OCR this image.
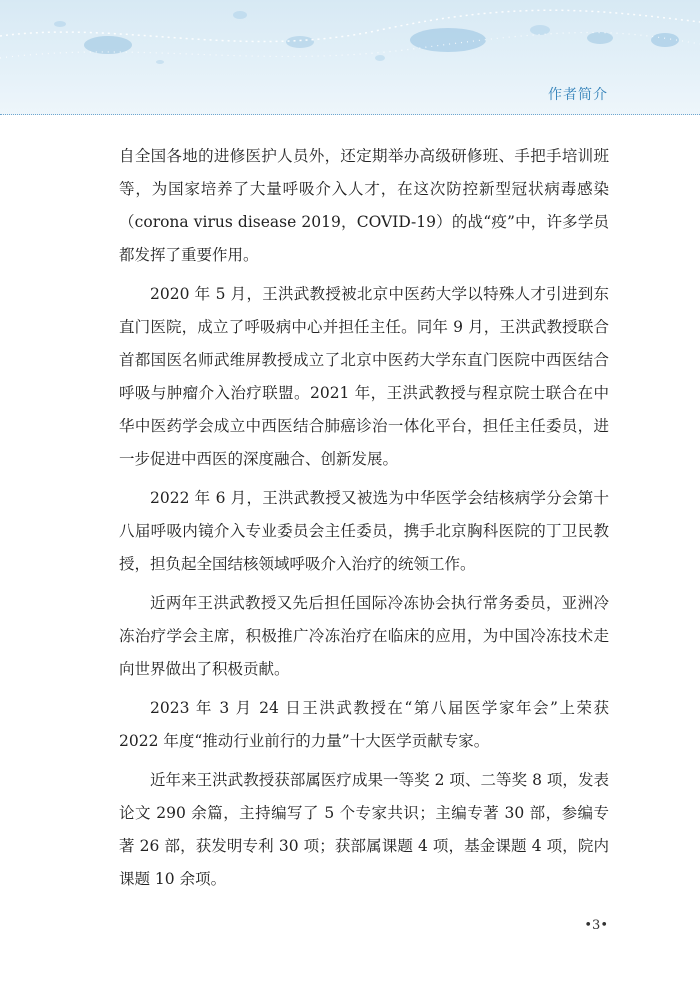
作者简介

自全国各地的进修医护人员外，还定期举办高级研修班、手把手培训班等，为国家培养了大量呼吸介入人才，在这次防控新型冠状病毒感染（corona virus disease 2019，COVID-19）的战“疫”中，许多学员都发挥了重要作用。

2020 年 5 月，王洪武教授被北京中医药大学以特殊人才引进到东直门医院，成立了呼吸病中心并担任主任。同年 9 月，王洪武教授联合首都国医名师武维屏教授成立了北京中医药大学东直门医院中西医结合呼吸与肿瘤介入治疗联盟。2021 年，王洪武教授与程京院士联合在中华中医药学会成立中西医结合肺癌诊治一体化平台，担任主任委员，进一步促进中西医的深度融合、创新发展。

2022 年 6 月，王洪武教授又被选为中华医学会结核病学分会第十八届呼吸内镜介入专业委员会主任委员，携手北京胸科医院的丁卫民教授，担负起全国结核领域呼吸介入治疗的统领工作。

近两年王洪武教授又先后担任国际冷冻协会执行常务委员，亚洲冷冻治疗学会主席，积极推广冷冻治疗在临床的应用，为中国冷冻技术走向世界做出了积极贡献。

2023 年 3 月 24 日王洪武教授在“第八届医学家年会”上荣获 2022 年度“推动行业前行的力量”十大医学贡献专家。

近年来王洪武教授获部属医疗成果一等奖 2 项、二等奖 8 项，发表论文 290 余篇，主持编写了 5 个专家共识；主编专著 30 部，参编专著 26 部，获发明专利 30 项；获部属课题 4 项，基金课题 4 项，院内课题 10 余项。

•3•
